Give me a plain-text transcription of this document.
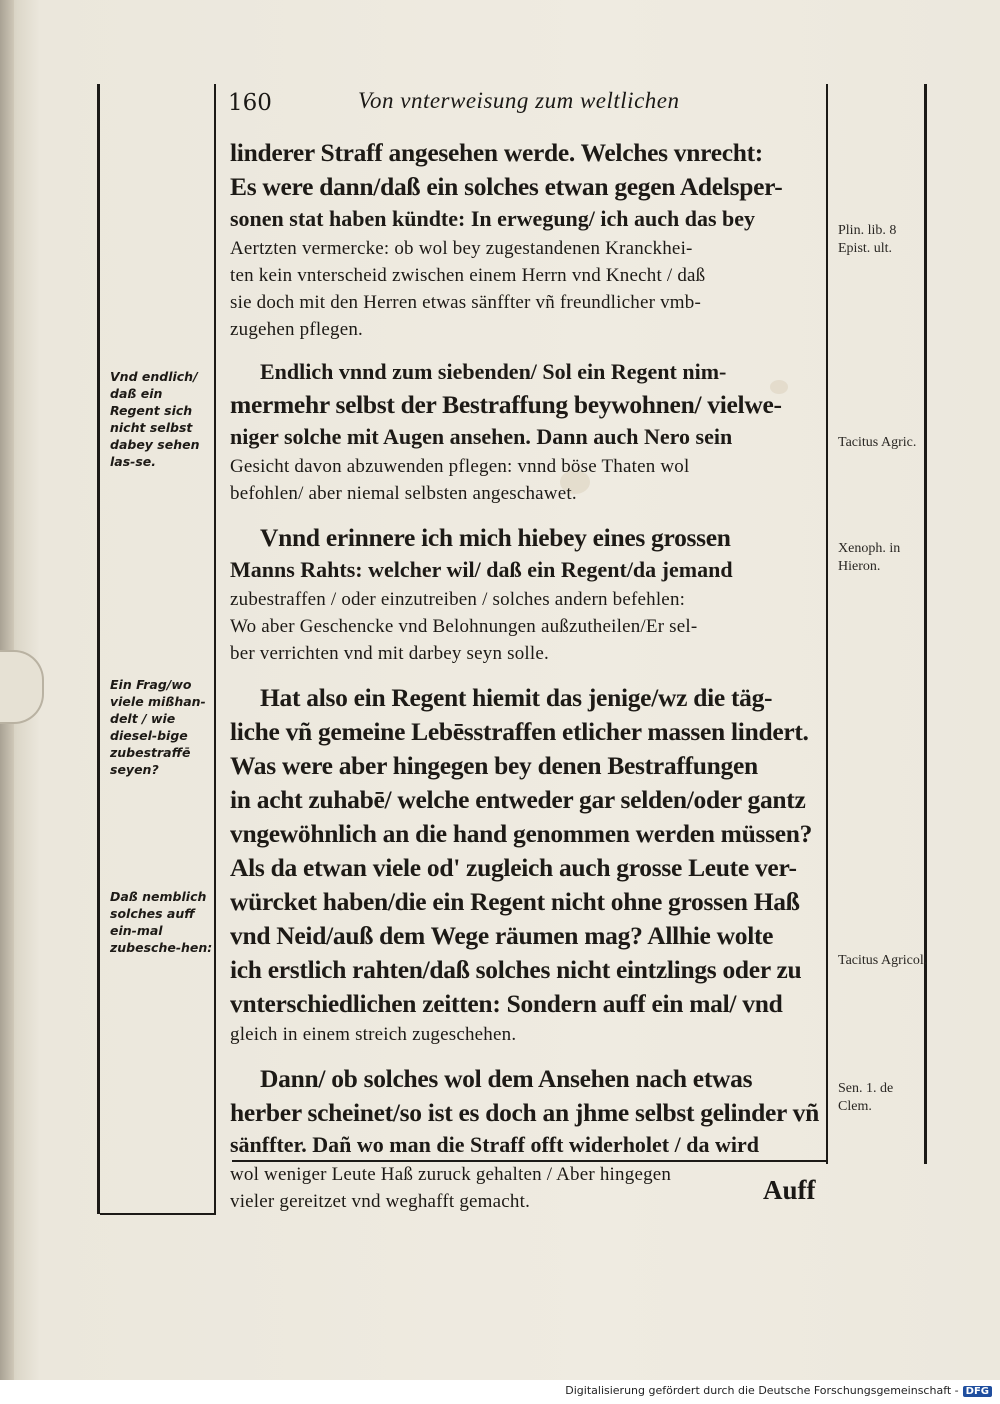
160	Von vnterweisung zum weltlichen
linderer Straff angesehen werde. Welches vnrecht:
Es were dann/daß ein solches etwan gegen Adelsper-
sonen stat haben kündte: In erwegung/ ich auch das bey
Aertzten vermercke: ob wol bey zugestandenen Kranckhei-
ten kein vnterscheid zwischen einem Herrn vnd Knecht / daß
sie doch mit den Herren etwas sänffter vñ freundlicher vmb-
zugehen pflegen.
Endlich vnnd zum siebenden/ Sol ein Regent nim-
mermehr selbst der Bestraffung beywohnen/ vielwe-
niger solche mit Augen ansehen. Dann auch Nero sein
Gesicht davon abzuwenden pflegen: vnnd böse Thaten wol
befohlen/ aber niemal selbsten angeschawet.
Vnnd erinnere ich mich hiebey eines grossen
Manns Rahts: welcher wil/ daß ein Regent/da jemand
zubestraffen / oder einzutreiben / solches andern befehlen:
Wo aber Geschencke vnd Belohnungen außzutheilen/Er sel-
ber verrichten vnd mit darbey seyn solle.
Hat also ein Regent hiemit das jenige/wz die täg-
liche vñ gemeine Lebēsstraffen etlicher massen lindert.
Was were aber hingegen bey denen Bestraffungen
in acht zuhabē/ welche entweder gar selden/oder gantz
vngewöhnlich an die hand genommen werden müssen?
Als da etwan viele od' zugleich auch grosse Leute ver-
würcket haben/die ein Regent nicht ohne grossen Haß
vnd Neid/auß dem Wege räumen mag? Allhie wolte
ich erstlich rahten/daß solches nicht eintzlings oder zu
vnterschiedlichen zeitten: Sondern auff ein mal/ vnd
gleich in einem streich zugeschehen.
Dann/ ob solches wol dem Ansehen nach etwas
herber scheinet/so ist es doch an jhme selbst gelinder vñ
sänffter. Dañ wo man die Straff offt widerholet / da wird
wol weniger Leute Haß zuruck gehalten / Aber hingegen
vieler gereitzet vnd weghafft gemacht.
Vnd endlich/ daß ein Regent sich nicht selbst dabey sehen las-se.
Ein Frag/wo viele mißhan-delt / wie diesel-bige zubestraffē seyen?
Daß nemblich solches auff ein-mal zubesche-hen:
Plin. lib. 8 Epist. ult.
Tacitus Agric.
Xenoph. in Hieron.
Tacitus Agricol.
Sen. 1. de Clem.
Auff
Digitalisierung gefördert durch die Deutsche Forschungsgemeinschaft - DFG
